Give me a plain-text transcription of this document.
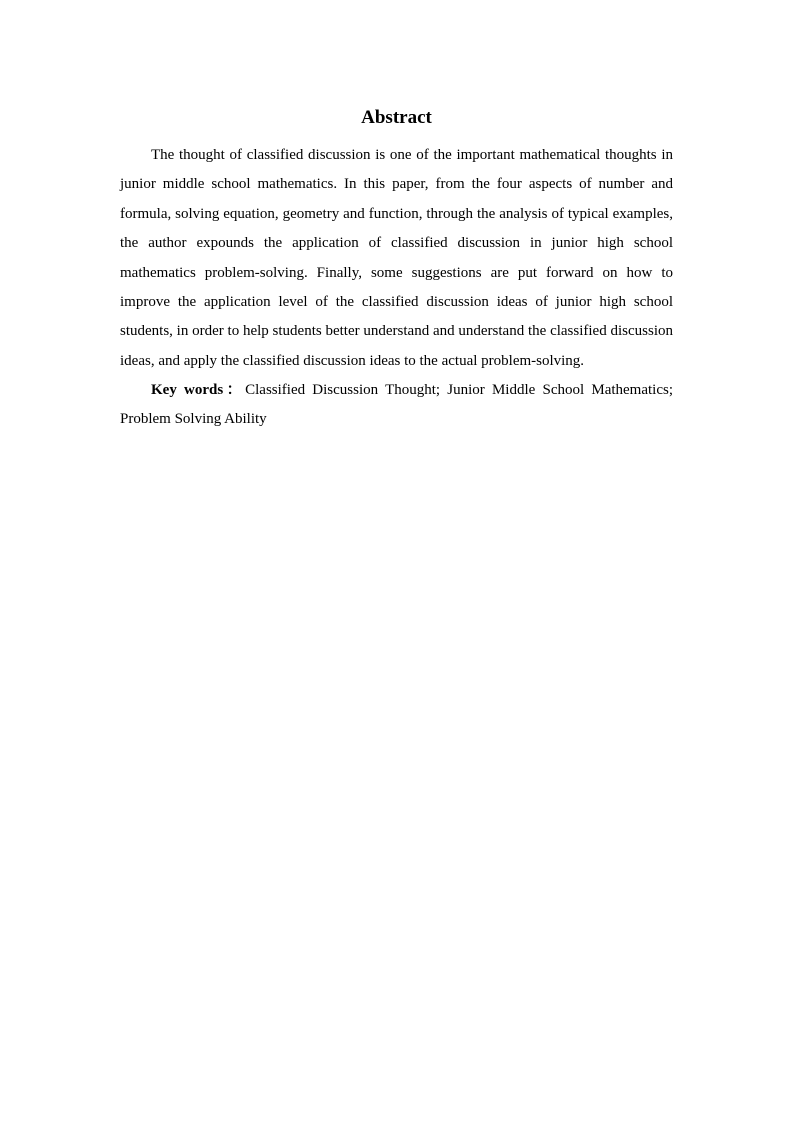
Abstract

The thought of classified discussion is one of the important mathematical thoughts in junior middle school mathematics. In this paper, from the four aspects of number and formula, solving equation, geometry and function, through the analysis of typical examples, the author expounds the application of classified discussion in junior high school mathematics problem-solving. Finally, some suggestions are put forward on how to improve the application level of the classified discussion ideas of junior high school students, in order to help students better understand and understand the classified discussion ideas, and apply the classified discussion ideas to the actual problem-solving.

Key words：Classified Discussion Thought; Junior Middle School Mathematics; Problem Solving Ability
